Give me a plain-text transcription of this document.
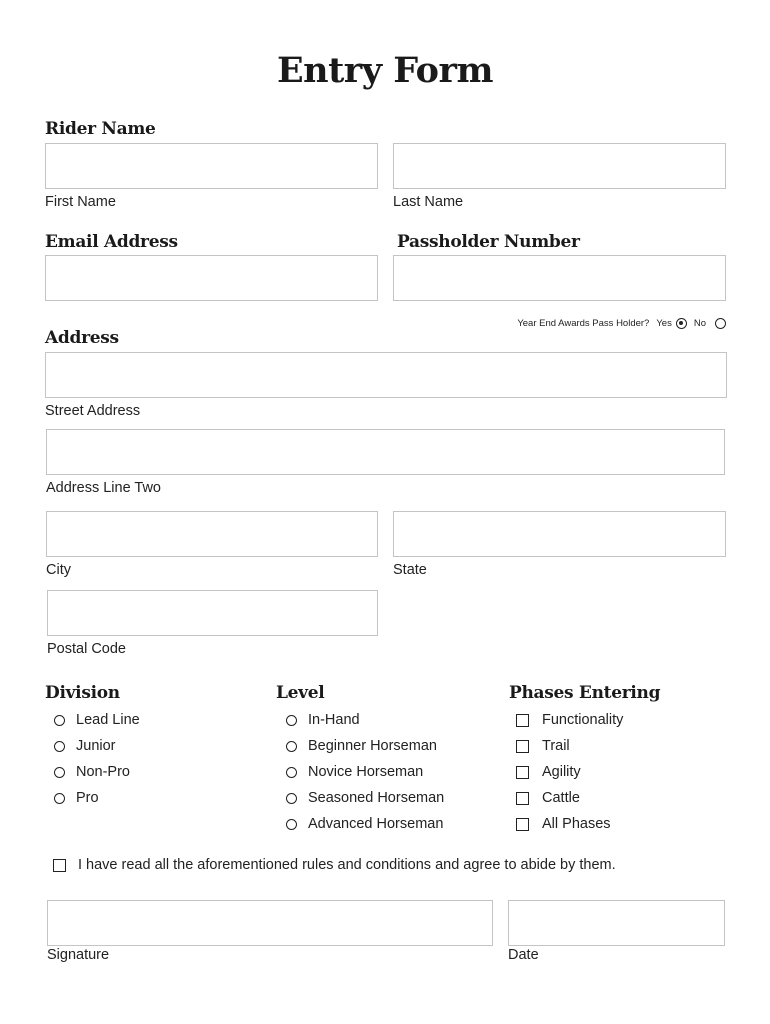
Entry Form
Rider Name
First Name	Last Name
Email Address	Passholder Number
Year End Awards Pass Holder? Yes No
Address
Street Address
Address Line Two
City	State
Postal Code
Division
Lead Line
Junior
Non-Pro
Pro
Level
In-Hand
Beginner Horseman
Novice Horseman
Seasoned Horseman
Advanced Horseman
Phases Entering
Functionality
Trail
Agility
Cattle
All Phases
I have read all the aforementioned rules and conditions and agree to abide by them.
Signature	Date
